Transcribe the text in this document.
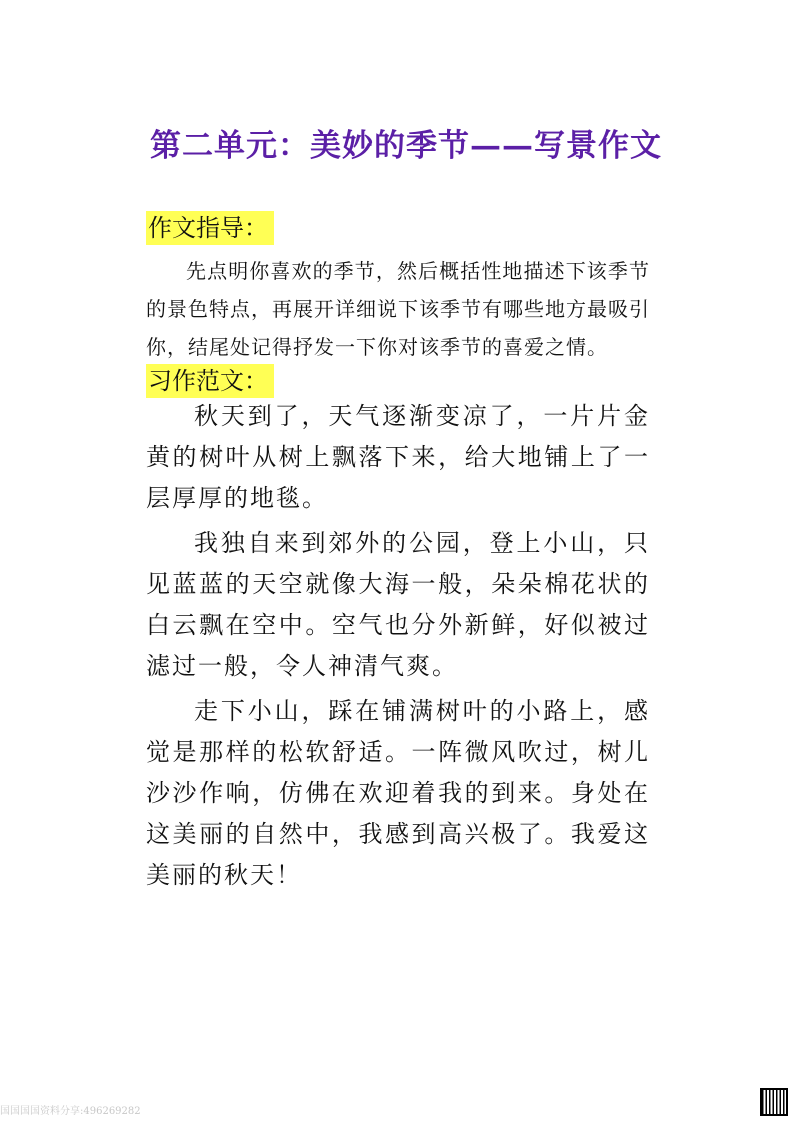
第二单元：美妙的季节——写景作文
作文指导：

先点明你喜欢的季节，然后概括性地描述下该季节的景色特点，再展开详细说下该季节有哪些地方最吸引你，结尾处记得抒发一下你对该季节的喜爱之情。

习作范文：

秋天到了，天气逐渐变凉了，一片片金黄的树叶从树上飘落下来，给大地铺上了一层厚厚的地毯。

我独自来到郊外的公园，登上小山，只见蓝蓝的天空就像大海一般，朵朵棉花状的白云飘在空中。空气也分外新鲜，好似被过滤过一般，令人神清气爽。

走下小山，踩在铺满树叶的小路上，感觉是那样的松软舒适。一阵微风吹过，树儿沙沙作响，仿佛在欢迎着我的到来。身处在这美丽的自然中，我感到高兴极了。我爱这美丽的秋天！

国国国国资料分享:496269282
